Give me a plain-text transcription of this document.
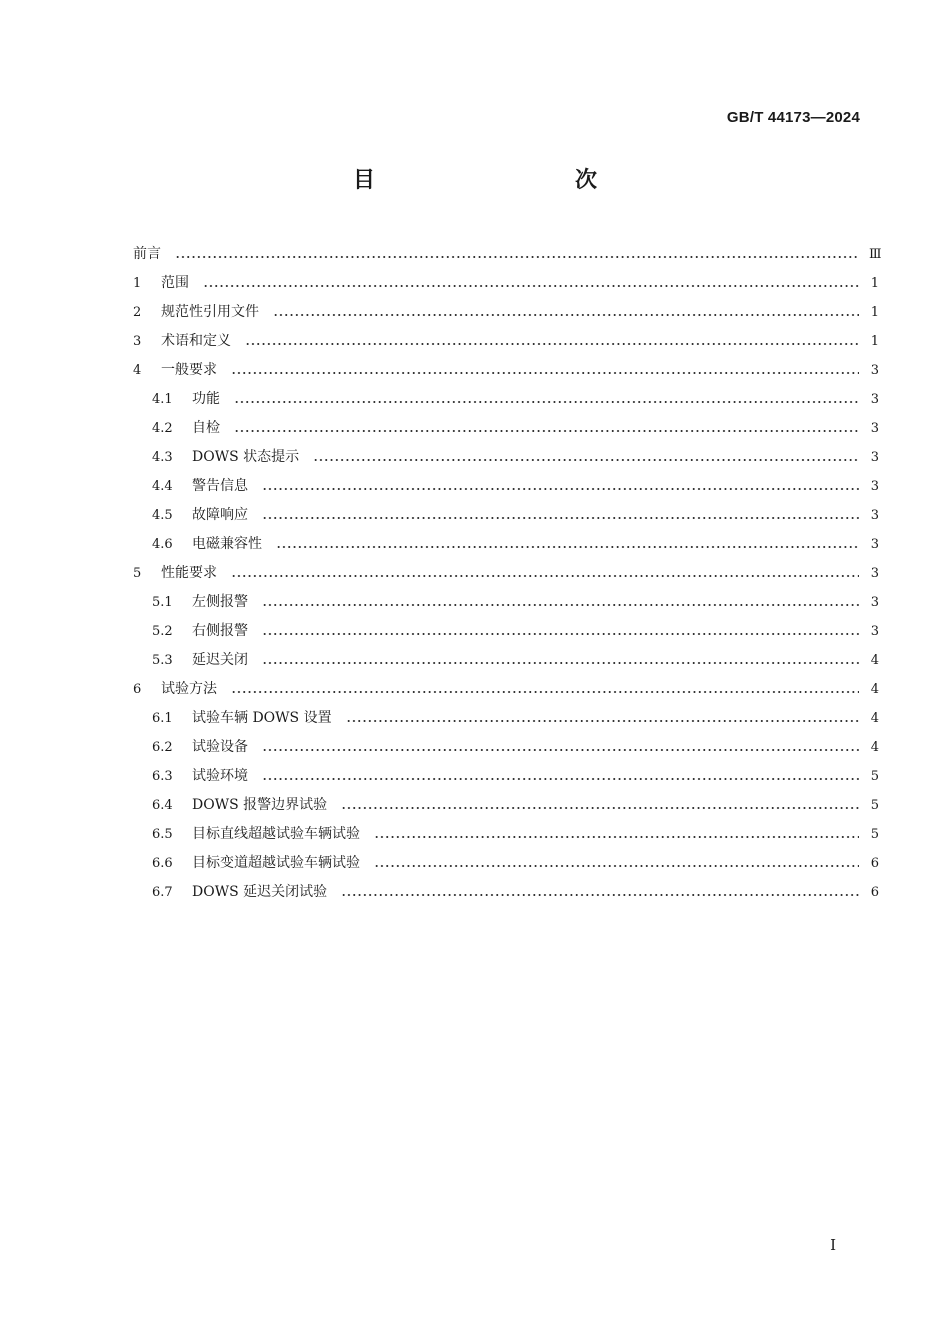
GB/T 44173—2024
目　　次
前言	Ⅲ
1	范围	1
2	规范性引用文件	1
3	术语和定义	1
4	一般要求	3
4.1	功能	3
4.2	自检	3
4.3	DOWS 状态提示	3
4.4	警告信息	3
4.5	故障响应	3
4.6	电磁兼容性	3
5	性能要求	3
5.1	左侧报警	3
5.2	右侧报警	3
5.3	延迟关闭	4
6	试验方法	4
6.1	试验车辆 DOWS 设置	4
6.2	试验设备	4
6.3	试验环境	5
6.4	DOWS 报警边界试验	5
6.5	目标直线超越试验车辆试验	5
6.6	目标变道超越试验车辆试验	6
6.7	DOWS 延迟关闭试验	6
I
